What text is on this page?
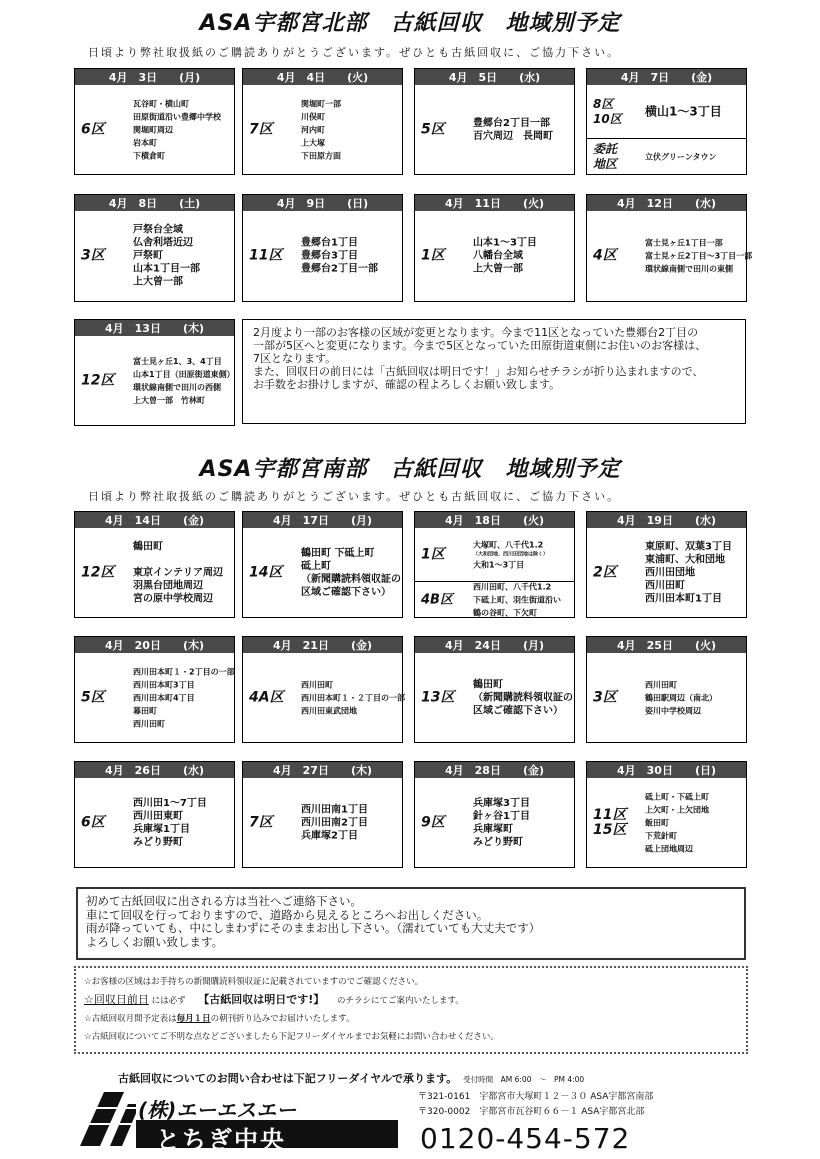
ASA宇都宮北部　古紙回収　地域別予定
日頃より弊社取扱紙のご購読ありがとうございます。ぜひとも古紙回収に、ご協力下さい。
4月　3日 (月)
6区
瓦谷町・横山町
田原街道沿い豊郷中学校
関堀町周辺
岩本町
下横倉町
4月　4日 (火)
7区
関堀町一部
川俣町
河内町
上大塚
下田原方面
4月　5日 (水)
5区	豊郷台2丁目一部
百穴周辺　長岡町
4月　7日 (金)
8区
10区
横山1～3丁目
委託
地区	立伏グリーンタウン
4月　8日 (土)
3区
戸祭台全域
仏舎利塔近辺
戸祭町
山本1丁目一部
上大曽一部
4月　9日 (日)
11区
豊郷台1丁目
豊郷台3丁目
豊郷台2丁目一部
4月　11日 (火)
1区
山本1～3丁目
八幡台全域
上大曽一部
4月　12日 (水)
4区
富士見ヶ丘1丁目一部
富士見ヶ丘2丁目～3丁目一部
環状線南側で田川の東側
4月　13日 (木)
12区
富士見ヶ丘1、3、4丁目
山本1丁目（田原街道東側）
環状線南側で田川の西側
上大曽一部　竹林町
2月度より一部のお客様の区域が変更となります。今まで11区となっていた豊郷台2丁目の
一部が5区へと変更になります。今まで5区となっていた田原街道東側にお住いのお客様は、
7区となります。
また、回収日の前日には「古紙回収は明日です！」お知らせチラシが折り込まれますので、
お手数をお掛けしますが、確認の程よろしくお願い致します。
ASA宇都宮南部　古紙回収　地域別予定
日頃より弊社取扱紙のご購読ありがとうございます。ぜひとも古紙回収に、ご協力下さい。
4月　14日 (金)
12区
鶴田町

東京インテリア周辺
羽黒台団地周辺
宮の原中学校周辺
4月　17日 (月)
14区
鶴田町 下砥上町
砥上町
（新聞購読料領収証の
区域ご確認下さい）
4月　18日 (火)
1区
大塚町、八千代1.2
（大和団地、西川田団地は除く）
大和1～3丁目
4B区
西川田町、八千代1.2
下砥上町、羽生街道沿い
鶴の谷町、下欠町
4月　19日 (水)
2区
東原町、双葉3丁目
東浦町、大和団地
西川田団地
西川田町
西川田本町1丁目
4月　20日 (木)
5区
西川田本町１・2丁目の一部
西川田本町3丁目
西川田本町4丁目
幕田町
西川田町
4月　21日 (金)
4A区
西川田町
西川田本町１・２丁目の一部
西川田東武団地
4月　24日 (月)
13区
鶴田町
（新聞購読料領収証の
区域ご確認下さい）
4月　25日 (火)
3区
西川田町
鶴田駅周辺（南北）
姿川中学校周辺
4月　26日 (水)
6区
西川田1～7丁目
西川田東町
兵庫塚1丁目
みどり野町
4月　27日 (木)
7区
西川田南1丁目
西川田南2丁目
兵庫塚2丁目
4月　28日 (金)
9区
兵庫塚3丁目
針ヶ谷1丁目
兵庫塚町
みどり野町
4月　30日 (日)
11区
15区
砥上町・下砥上町
上欠町・上欠団地
飯田町
下荒針町
砥上団地周辺
初めて古紙回収に出される方は当社へご連絡下さい。
車にて回収を行っておりますので、道路から見えるところへお出しください。
雨が降っていても、中にしまわずにそのままお出し下さい。（濡れていても大丈夫です）
よろしくお願い致します。
☆お客様の区域はお手持ちの新聞購読料領収証に記載されていますのでご確認ください。
☆回収日前日 には必ず 【古紙回収は明日です!】 のチラシにてご案内いたします。
☆古紙回収月間予定表は毎月１日の朝刊折り込みでお届けいたします。
☆古紙回収についてご不明な点などございましたら下記フリーダイヤルまでお気軽にお問い合わせください。
古紙回収についてのお問い合わせは下記フリーダイヤルで承ります。 受付時間　AM 6:00　～　PM 4:00
(株)エーエスエー
とちぎ中央
〒321-0161　宇都宮市大塚町１２－３０ ASA宇都宮南部
〒320-0002　宇都宮市瓦谷町６６－１ ASA宇都宮北部
0120-454-572
